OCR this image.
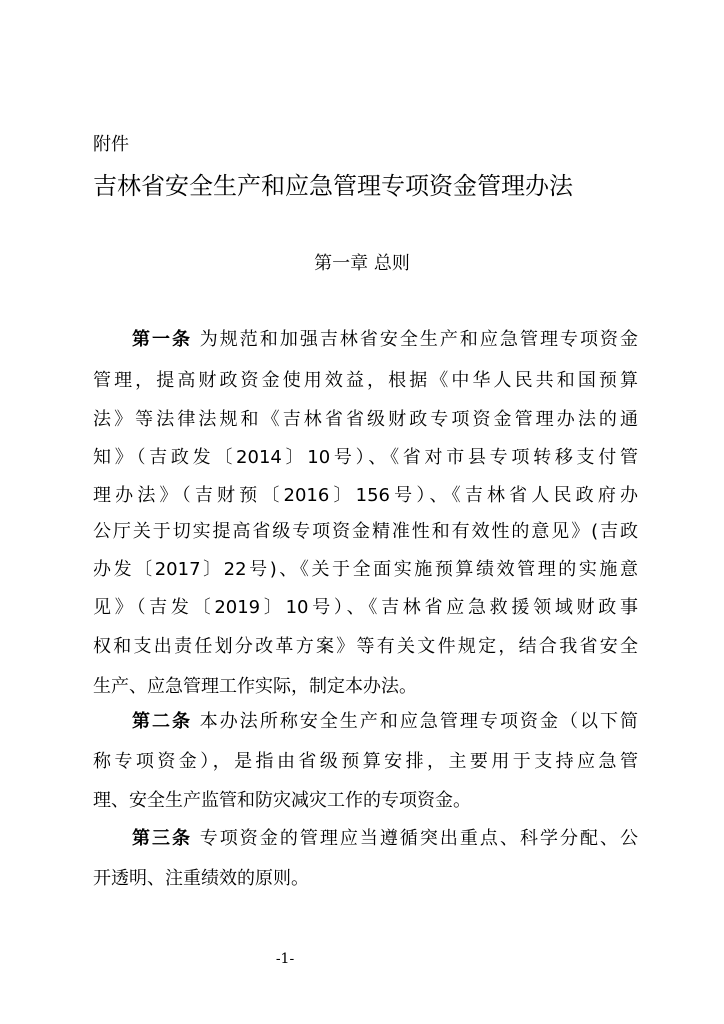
附件
吉林省安全生产和应急管理专项资金管理办法
第一章 总则
第一条 为规范和加强吉林省安全生产和应急管理专项资金
管理，提高财政资金使用效益，根据《中华人民共和国预算
法》等法律法规和《吉林省省级财政专项资金管理办法的通
知》（吉政发〔2014〕10号）、《省对市县专项转移支付管
理办法》（吉财预〔2016〕156号）、《吉林省人民政府办
公厅关于切实提高省级专项资金精准性和有效性的意见》(吉政
办发〔2017〕22号)、《关于全面实施预算绩效管理的实施意
见》（吉发〔2019〕10号）、《吉林省应急救援领域财政事
权和支出责任划分改革方案》等有关文件规定，结合我省安全
生产、应急管理工作实际，制定本办法。
第二条 本办法所称安全生产和应急管理专项资金（以下简
称专项资金），是指由省级预算安排，主要用于支持应急管
理、安全生产监管和防灾减灾工作的专项资金。
第三条 专项资金的管理应当遵循突出重点、科学分配、公
开透明、注重绩效的原则。
-1-
